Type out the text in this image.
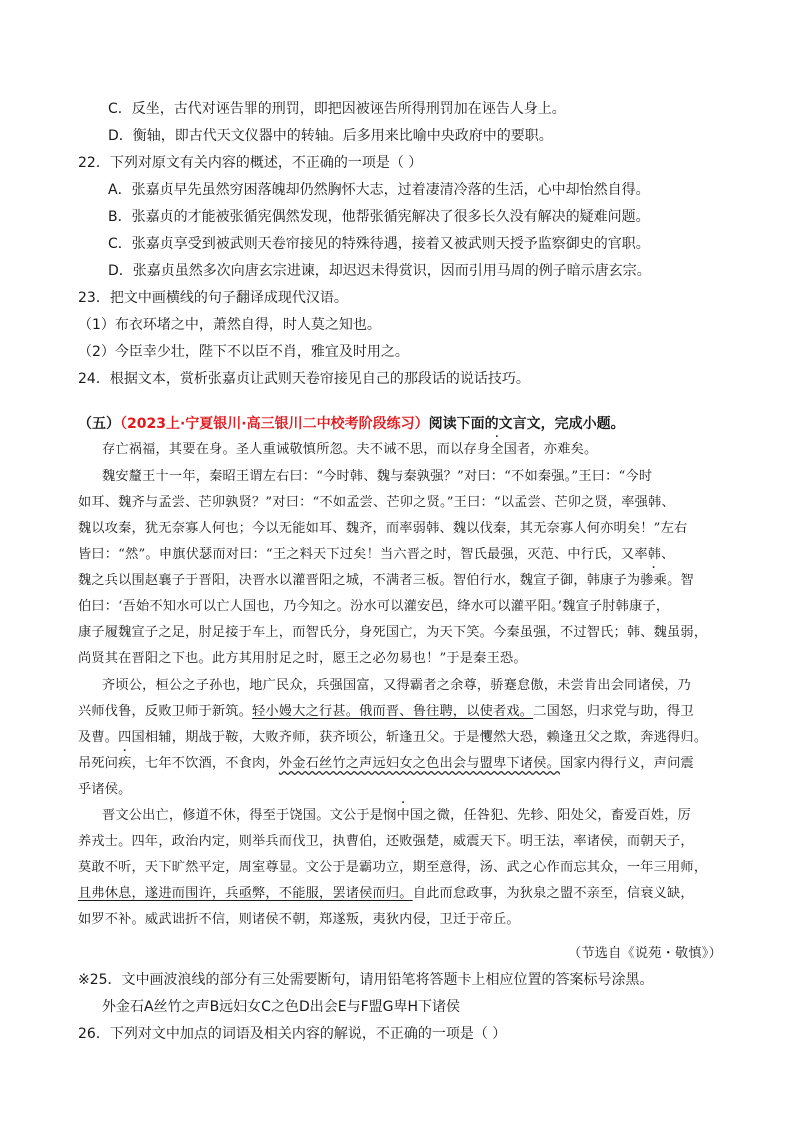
C．反坐，古代对诬告罪的刑罚，即把因被诬告所得刑罚加在诬告人身上。
D．衡轴，即古代天文仪器中的转轴。后多用来比喻中央政府中的要职。
22．下列对原文有关内容的概述，不正确的一项是（ ）
A．张嘉贞早先虽然穷困落魄却仍然胸怀大志，过着凄清冷落的生活，心中却怡然自得。
B．张嘉贞的才能被张循宪偶然发现，他帮张循宪解决了很多长久没有解决的疑难问题。
C．张嘉贞享受到被武则天卷帘接见的特殊待遇，接着又被武则天授予监察御史的官职。
D．张嘉贞虽然多次向唐玄宗进谏，却迟迟未得赏识，因而引用马周的例子暗示唐玄宗。
23．把文中画横线的句子翻译成现代汉语。
（1）布衣环堵之中，萧然自得，时人莫之知也。
（2）今臣幸少壮，陛下不以臣不肖，雅宜及时用之。
24．根据文本，赏析张嘉贞让武则天卷帘接见自己的那段话的说话技巧。
（五）（2023上·宁夏银川·高三银川二中校考阶段练习）阅读下面的文言文，完成小题。
存亡祸福，其要在身。圣人重诫敬慎所忽。夫不诫不思，而以存身全国者，亦难矣。
魏安釐王十一年，秦昭王谓左右曰：“今时韩、魏与秦孰强？”对曰：“不如秦强。”王曰：“今时
如耳、魏齐与孟尝、芒卯孰贤？”对曰：“不如孟尝、芒卯之贤。”王曰：“以孟尝、芒卯之贤，率强韩、
魏以攻秦，犹无奈寡人何也；今以无能如耳、魏齐，而率弱韩、魏以伐秦，其无奈寡人何亦明矣！”左右
皆曰：“然”。申旗伏瑟而对曰：“王之料天下过矣！当六晋之时，智氏最强，灭范、中行氏，又率韩、
魏之兵以围赵襄子于晋阳，决晋水以灌晋阳之城，不满者三板。智伯行水，魏宣子御，韩康子为骖乘。智
伯曰：‘吾始不知水可以亡人国也，乃今知之。汾水可以灌安邑，绛水可以灌平阳。’魏宣子肘韩康子，
康子履魏宣子之足，肘足接于车上，而智氏分，身死国亡，为天下笑。今秦虽强，不过智氏；韩、魏虽弱，
尚贤其在晋阳之下也。此方其用肘足之时，愿王之必勿易也！”于是秦王恐。
齐顷公，桓公之子孙也，地广民众，兵强国富，又得霸者之余尊，骄蹇怠傲，未尝肯出会同诸侯，乃
兴师伐鲁，反败卫师于新筑。轻小嫚大之行甚。俄而晋、鲁往聘，以使者戏。二国怒，归求党与助，得卫
及曹。四国相辅，期战于鞍，大败齐师，获齐顷公，斩逢丑父。于是戄然大恐，赖逢丑父之欺，奔逃得归。
吊死问疾，七年不饮酒，不食肉，外金石丝竹之声远妇女之色出会与盟卑下诸侯。国家内得行义，声问震
乎诸侯。
晋文公出亡，修道不休，得至于饶国。文公于是悯中国之微，任咎犯、先轸、阳处父，畜爱百姓，厉
养戎士。四年，政治内定，则举兵而伐卫，执曹伯，还败强楚，威震天下。明王法，率诸侯，而朝天子，
莫敢不听，天下旷然平定，周室尊显。文公于是霸功立，期至意得，汤、武之心作而忘其众，一年三用师，
且弗休息，遂进而围许，兵亟弊，不能服，罢诸侯而归。自此而怠政事，为狄泉之盟不亲至，信衰义缺，
如罗不补。威武诎折不信，则诸侯不朝，郑遂叛，夷狄内侵，卫迁于帝丘。
（节选自《说苑・敬慎》）
※25．文中画波浪线的部分有三处需要断句，请用铅笔将答题卡上相应位置的答案标号涂黑。
外金石A丝竹之声B远妇女C之色D出会E与F盟G卑H下诸侯
26．下列对文中加点的词语及相关内容的解说，不正确的一项是（ ）
